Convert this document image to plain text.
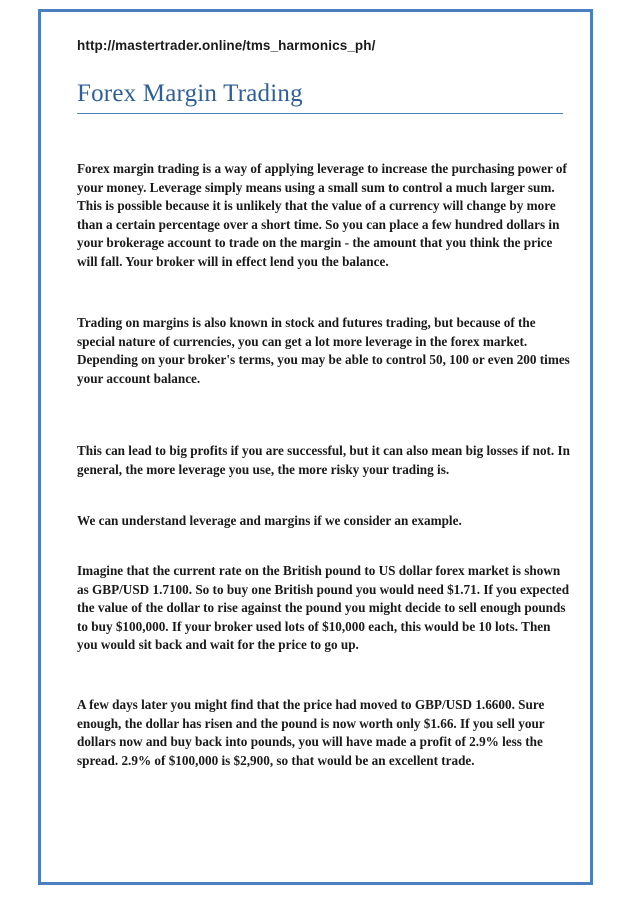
http://mastertrader.online/tms_harmonics_ph/
Forex Margin Trading

Forex margin trading is a way of applying leverage to increase the purchasing power of your money. Leverage simply means using a small sum to control a much larger sum. This is possible because it is unlikely that the value of a currency will change by more than a certain percentage over a short time. So you can place a few hundred dollars in your brokerage account to trade on the margin - the amount that you think the price will fall. Your broker will in effect lend you the balance.

Trading on margins is also known in stock and futures trading, but because of the special nature of currencies, you can get a lot more leverage in the forex market. Depending on your broker's terms, you may be able to control 50, 100 or even 200 times your account balance.

This can lead to big profits if you are successful, but it can also mean big losses if not. In general, the more leverage you use, the more risky your trading is.

We can understand leverage and margins if we consider an example.

Imagine that the current rate on the British pound to US dollar forex market is shown as GBP/USD 1.7100. So to buy one British pound you would need $1.71. If you expected the value of the dollar to rise against the pound you might decide to sell enough pounds to buy $100,000. If your broker used lots of $10,000 each, this would be 10 lots. Then you would sit back and wait for the price to go up.

A few days later you might find that the price had moved to GBP/USD 1.6600. Sure enough, the dollar has risen and the pound is now worth only $1.66. If you sell your dollars now and buy back into pounds, you will have made a profit of 2.9% less the spread. 2.9% of $100,000 is $2,900, so that would be an excellent trade.
